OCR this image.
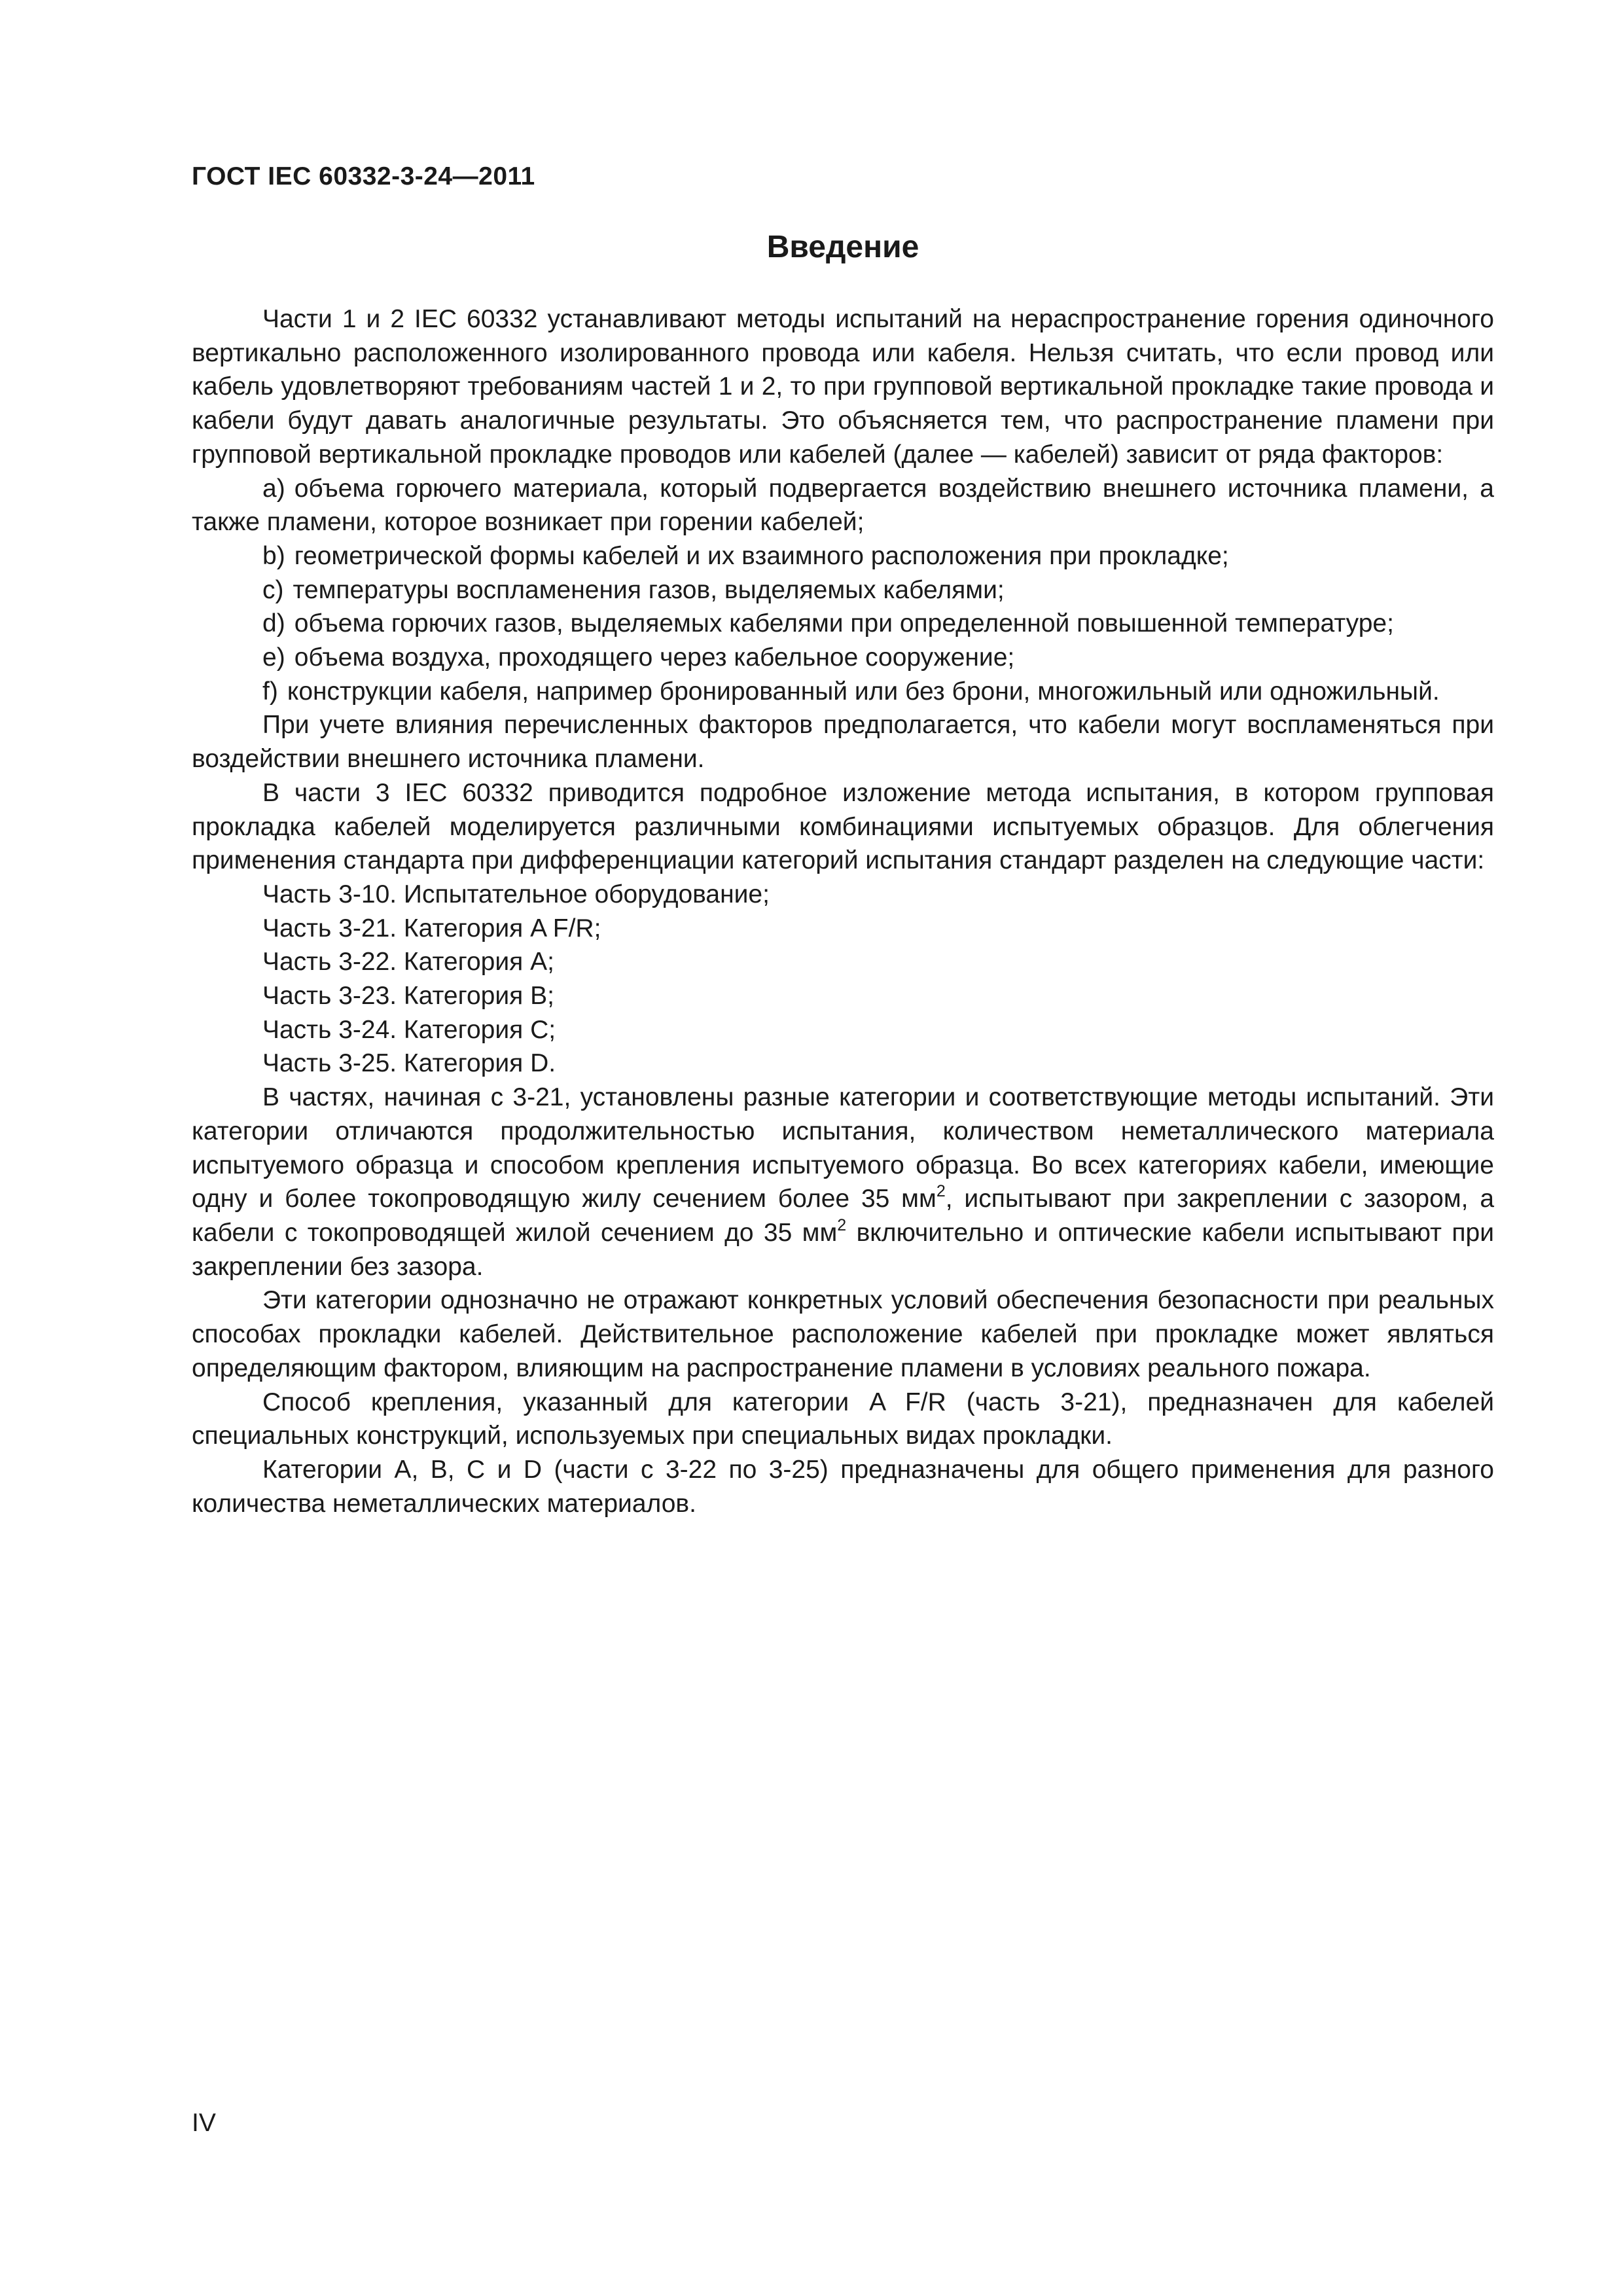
ГОСТ IEC 60332-3-24—2011
Введение

Части 1 и 2 IEC 60332 устанавливают методы испытаний на нераспространение горения одиночного вертикально расположенного изолированного провода или кабеля. Нельзя считать, что если провод или кабель удовлетворяют требованиям частей 1 и 2, то при групповой вертикальной прокладке такие провода и кабели будут давать аналогичные результаты. Это объясняется тем, что распространение пламени при групповой вертикальной прокладке проводов или кабелей (далее — кабелей) зависит от ряда факторов:

a) объема горючего материала, который подвергается воздействию внешнего источника пламени, а также пламени, которое возникает при горении кабелей;
b) геометрической формы кабелей и их взаимного расположения при прокладке;
c) температуры воспламенения газов, выделяемых кабелями;
d) объема горючих газов, выделяемых кабелями при определенной повышенной температуре;
e) объема воздуха, проходящего через кабельное сооружение;
f) конструкции кабеля, например бронированный или без брони, многожильный или одножильный.

При учете влияния перечисленных факторов предполагается, что кабели могут воспламеняться при воздействии внешнего источника пламени.

В части 3 IEC 60332 приводится подробное изложение метода испытания, в котором групповая прокладка кабелей моделируется различными комбинациями испытуемых образцов. Для облегчения применения стандарта при дифференциации категорий испытания стандарт разделен на следующие части:

Часть 3-10. Испытательное оборудование;
Часть 3-21. Категория A F/R;
Часть 3-22. Категория A;
Часть 3-23. Категория B;
Часть 3-24. Категория C;
Часть 3-25. Категория D.

В частях, начиная с 3-21, установлены разные категории и соответствующие методы испытаний. Эти категории отличаются продолжительностью испытания, количеством неметаллического материала испытуемого образца и способом крепления испытуемого образца. Во всех категориях кабели, имеющие одну и более токопроводящую жилу сечением более 35 $мм^2$, испытывают при закреплении с зазором, а кабели с токопроводящей жилой сечением до 35 $мм^2$ включительно и оптические кабели испытывают при закреплении без зазора.

Эти категории однозначно не отражают конкретных условий обеспечения безопасности при реальных способах прокладки кабелей. Действительное расположение кабелей при прокладке может являться определяющим фактором, влияющим на распространение пламени в условиях реального пожара.

Способ крепления, указанный для категории A F/R (часть 3-21), предназначен для кабелей специальных конструкций, используемых при специальных видах прокладки.

Категории A, B, C и D (части с 3-22 по 3-25) предназначены для общего применения для разного количества неметаллических материалов.

IV
